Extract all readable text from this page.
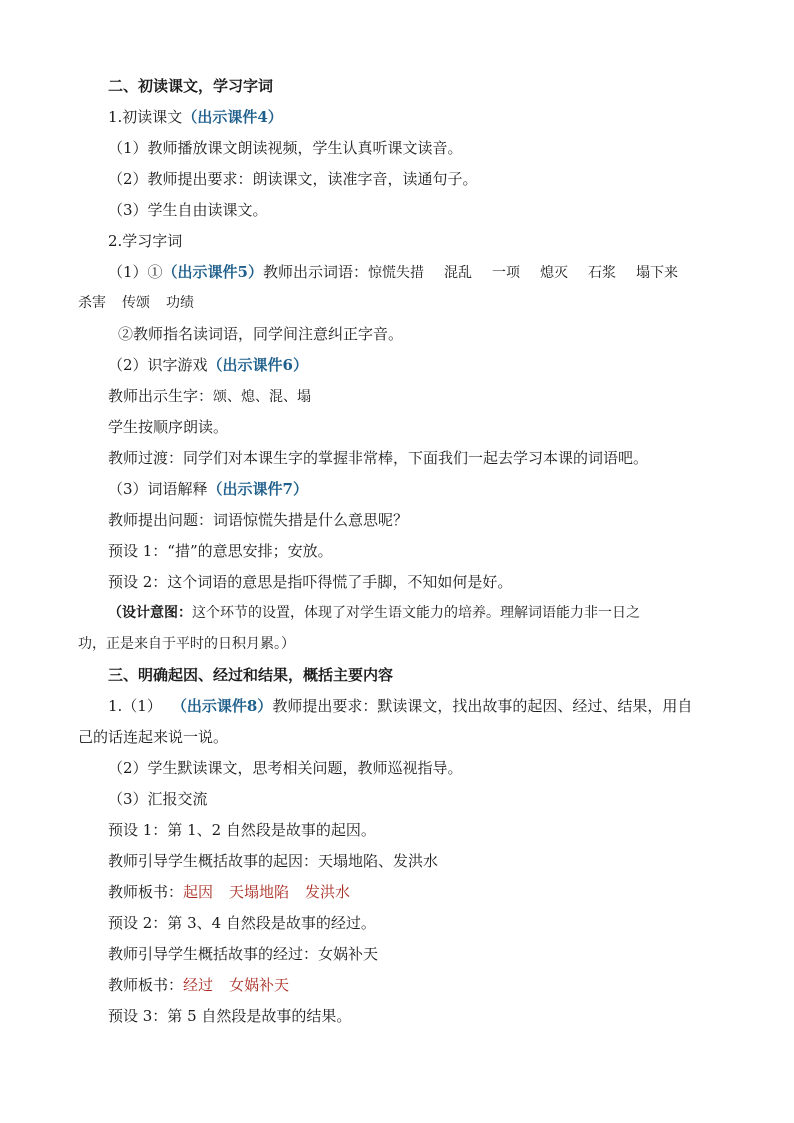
二、初读课文，学习字词
1.初读课文（出示课件4）
（1）教师播放课文朗读视频，学生认真听课文读音。
（2）教师提出要求：朗读课文，读准字音，读通句子。
（3）学生自由读课文。
2.学习字词
（1）①（出示课件5）教师出示词语：惊慌失措 混乱 一项 熄灭 石浆 塌下来
杀害 传颂 功绩
②教师指名读词语，同学间注意纠正字音。
（2）识字游戏（出示课件6）
教师出示生字：颂、熄、混、塌
学生按顺序朗读。
教师过渡：同学们对本课生字的掌握非常棒，下面我们一起去学习本课的词语吧。
（3）词语解释（出示课件7）
教师提出问题：词语惊慌失措是什么意思呢？
预设 1：“措”的意思安排；安放。
预设 2：这个词语的意思是指吓得慌了手脚，不知如何是好。
（设计意图：这个环节的设置，体现了对学生语文能力的培养。理解词语能力非一日之
功，正是来自于平时的日积月累。）
三、明确起因、经过和结果，概括主要内容
1.（1） （出示课件8）教师提出要求：默读课文，找出故事的起因、经过、结果，用自
己的话连起来说一说。
（2）学生默读课文，思考相关问题，教师巡视指导。
（3）汇报交流
预设 1：第 1、2 自然段是故事的起因。
教师引导学生概括故事的起因：天塌地陷、发洪水
教师板书：起因 天塌地陷 发洪水
预设 2：第 3、4 自然段是故事的经过。
教师引导学生概括故事的经过：女娲补天
教师板书：经过 女娲补天
预设 3：第 5 自然段是故事的结果。
